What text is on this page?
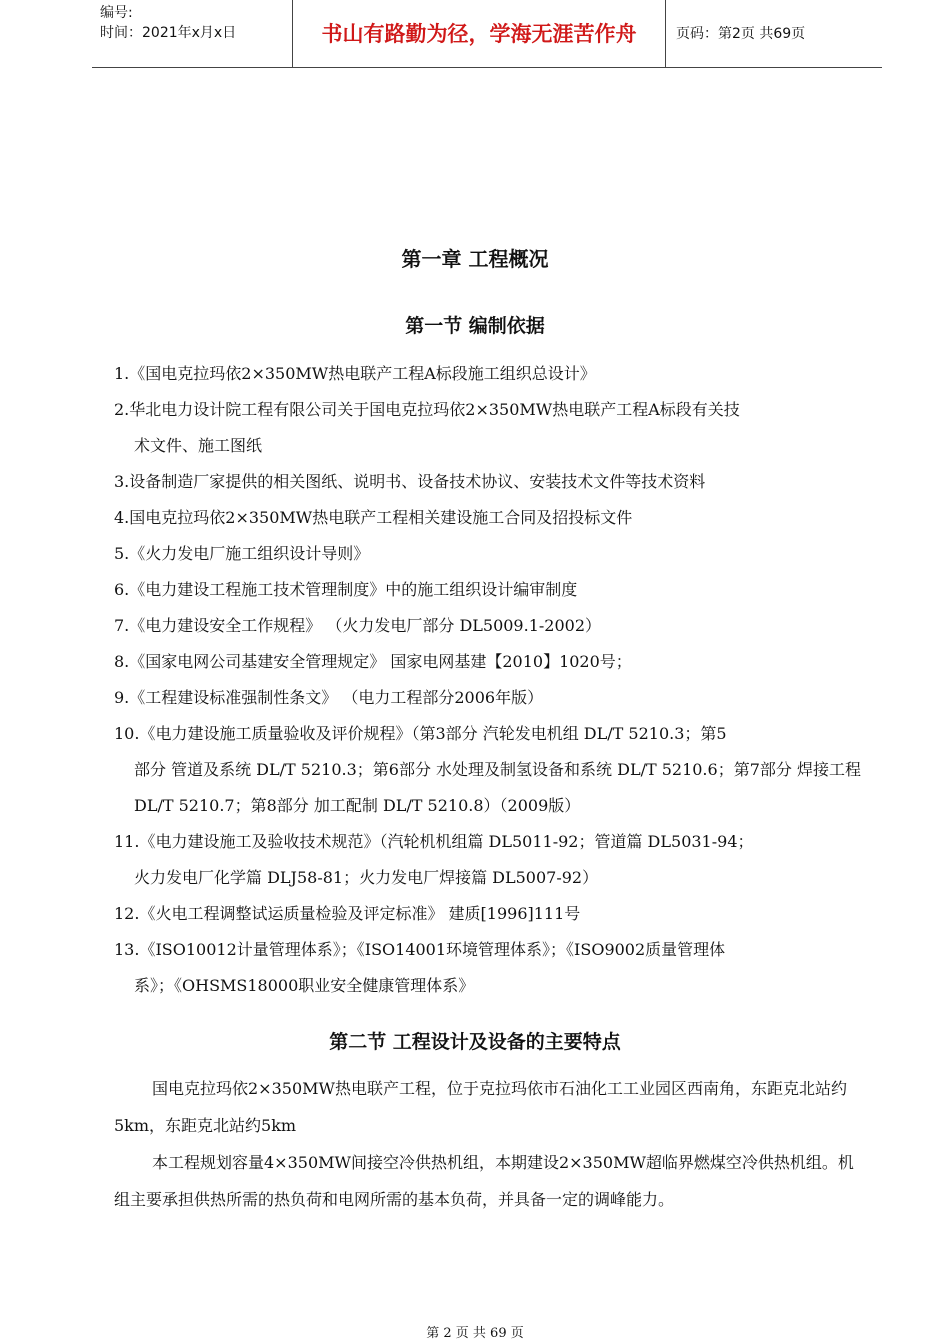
编号:
时间：2021年x月x日	书山有路勤为径，学海无涯苦作舟	页码：第2页 共69页
第一章 工程概况
第一节 编制依据
1.《国电克拉玛依2×350MW热电联产工程A标段施工组织总设计》
2.华北电力设计院工程有限公司关于国电克拉玛依2×350MW热电联产工程A标段有关技
术文件、施工图纸
3.设备制造厂家提供的相关图纸、说明书、设备技术协议、安装技术文件等技术资料
4.国电克拉玛依2×350MW热电联产工程相关建设施工合同及招投标文件
5.《火力发电厂施工组织设计导则》
6.《电力建设工程施工技术管理制度》中的施工组织设计编审制度
7.《电力建设安全工作规程》 （火力发电厂部分 DL5009.1-2002）
8.《国家电网公司基建安全管理规定》 国家电网基建【2010】1020号；
9.《工程建设标准强制性条文》 （电力工程部分2006年版）
10.《电力建设施工质量验收及评价规程》（第3部分 汽轮发电机组 DL/T 5210.3；第5
部分 管道及系统 DL/T 5210.3；第6部分 水处理及制氢设备和系统 DL/T 5210.6；第7部分 焊接工程 DL/T 5210.7；第8部分 加工配制 DL/T 5210.8）（2009版）
11.《电力建设施工及验收技术规范》（汽轮机机组篇 DL5011-92；管道篇 DL5031-94；
火力发电厂化学篇 DLJ58-81；火力发电厂焊接篇 DL5007-92）
12.《火电工程调整试运质量检验及评定标准》 建质[1996]111号
13.《ISO10012计量管理体系》；《ISO14001环境管理体系》；《ISO9002质量管理体
系》；《OHSMS18000职业安全健康管理体系》
第二节 工程设计及设备的主要特点

国电克拉玛依2×350MW热电联产工程，位于克拉玛依市石油化工工业园区西南角，东距克北站约5km，东距克北站约5km

本工程规划容量4×350MW间接空冷供热机组，本期建设2×350MW超临界燃煤空冷供热机组。机组主要承担供热所需的热负荷和电网所需的基本负荷，并具备一定的调峰能力。

第 2 页 共 69 页
